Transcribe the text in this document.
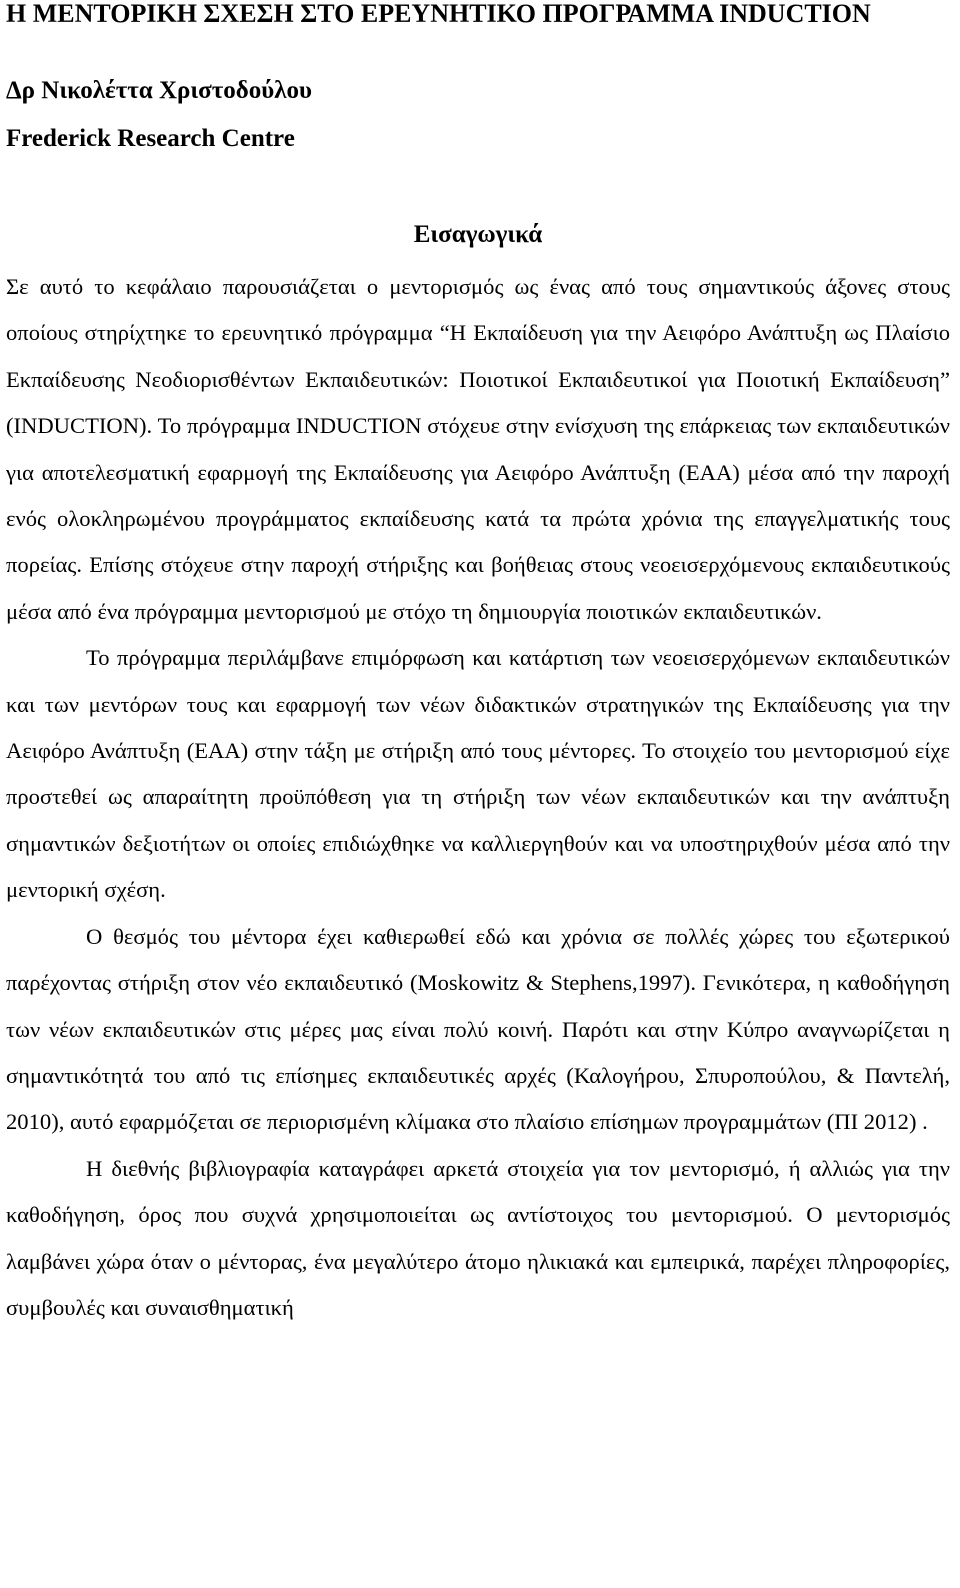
Η ΜΕΝΤΟΡΙΚΗ ΣΧΕΣΗ ΣΤΟ ΕΡΕΥΝΗΤΙΚΟ ΠΡΟΓΡΑΜΜΑ INDUCTION
Δρ Νικολέττα Χριστοδούλου
Frederick Research Centre
Εισαγωγικά

Σε αυτό το κεφάλαιο παρουσιάζεται ο μεντορισμός ως ένας από τους σημαντικούς άξονες στους οποίους στηρίχτηκε το ερευνητικό πρόγραμμα “Η Εκπαίδευση για την Αειφόρο Ανάπτυξη ως Πλαίσιο Εκπαίδευσης Νεοδιορισθέντων Εκπαιδευτικών: Ποιοτικοί Εκπαιδευτικοί για Ποιοτική Εκπαίδευση” (INDUCTION). Το πρόγραμμα INDUCTION στόχευε στην ενίσχυση της επάρκειας των εκπαιδευτικών για αποτελεσματική εφαρμογή της Εκπαίδευσης για Αειφόρο Ανάπτυξη (ΕΑΑ) μέσα από την παροχή ενός ολοκληρωμένου προγράμματος εκπαίδευσης κατά τα πρώτα χρόνια της επαγγελματικής τους πορείας. Επίσης στόχευε στην παροχή στήριξης και βοήθειας στους νεοεισερχόμενους εκπαιδευτικούς μέσα από ένα πρόγραμμα μεντορισμού με στόχο τη δημιουργία ποιοτικών εκπαιδευτικών.

Το πρόγραμμα περιλάμβανε επιμόρφωση και κατάρτιση των νεοεισερχόμενων εκπαιδευτικών και των μεντόρων τους και εφαρμογή των νέων διδακτικών στρατηγικών της Εκπαίδευσης για την Αειφόρο Ανάπτυξη (ΕΑΑ) στην τάξη με στήριξη από τους μέντορες. Το στοιχείο του μεντορισμού είχε προστεθεί ως απαραίτητη προϋπόθεση για τη στήριξη των νέων εκπαιδευτικών και την ανάπτυξη σημαντικών δεξιοτήτων οι οποίες επιδιώχθηκε να καλλιεργηθούν και να υποστηριχθούν μέσα από την μεντορική σχέση.

Ο θεσμός του μέντορα έχει καθιερωθεί εδώ και χρόνια σε πολλές χώρες του εξωτερικού παρέχοντας στήριξη στον νέο εκπαιδευτικό (Moskowitz & Stephens,1997). Γενικότερα, η καθοδήγηση των νέων εκπαιδευτικών στις μέρες μας είναι πολύ κοινή. Παρότι και στην Κύπρο αναγνωρίζεται η σημαντικότητά του από τις επίσημες εκπαιδευτικές αρχές (Καλογήρου, Σπυροπούλου, & Παντελή, 2010), αυτό εφαρμόζεται σε περιορισμένη κλίμακα στο πλαίσιο επίσημων προγραμμάτων (ΠΙ 2012) .

Η διεθνής βιβλιογραφία καταγράφει αρκετά στοιχεία για τον μεντορισμό, ή αλλιώς για την καθοδήγηση, όρος που συχνά χρησιμοποιείται ως αντίστοιχος του μεντορισμού. Ο μεντορισμός λαμβάνει χώρα όταν ο μέντορας, ένα μεγαλύτερο άτομο ηλικιακά και εμπειρικά, παρέχει πληροφορίες, συμβουλές και συναισθηματική
